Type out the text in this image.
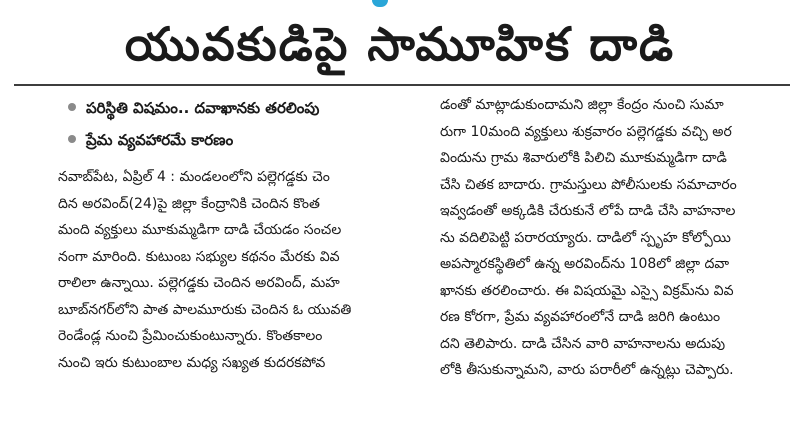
యువకుడిపై సామూహిక దాడి
పరిస్థితి విషమం.. దవాఖానకు తరలింపు
ప్రేమ వ్యవహారమే కారణం
నవాబ్‌పేట, ఏప్రిల్ 4 : మండలంలోని పల్లెగడ్డకు చెం
దిన అరవింద్(24)పై జిల్లా కేంద్రానికి చెందిన కొంత
మంది వ్యక్తులు మూకుమ్మడిగా దాడి చేయడం సంచల
నంగా మారింది. కుటుంబ సభ్యుల కథనం మేరకు వివ
రాలిలా ఉన్నాయి. పల్లెగడ్డకు చెందిన అరవింద్, మహ
బూబ్‌నగర్‌లోని పాత పాలమూరుకు చెందిన ఓ యువతి
రెండేండ్ల నుంచి ప్రేమించుకుంటున్నారు. కొంతకాలం
నుంచి ఇరు కుటుంబాల మధ్య సఖ్యత కుదరకపోవ
డంతో మాట్లాడుకుందామని జిల్లా కేంద్రం నుంచి సుమా
రుగా 10మంది వ్యక్తులు శుక్రవారం పల్లెగడ్డకు వచ్చి అర
విందును గ్రామ శివారులోకి పిలిచి మూకుమ్మడిగా దాడి
చేసి చితక బాదారు. గ్రామస్తులు పోలీసులకు సమాచారం
ఇవ్వడంతో అక్కడికి చేరుకునే లోపే దాడి చేసి వాహనాల
ను వదిలిపెట్టి పరారయ్యారు. దాడిలో స్పృహ కోల్పోయి
అపస్మారకస్థితిలో ఉన్న అరవింద్‌ను 108లో జిల్లా దవా
ఖానకు తరలించారు. ఈ విషయమై ఎస్సై విక్రమ్‌ను వివ
రణ కోరగా, ప్రేమ వ్యవహారంలోనే దాడి జరిగి ఉంటుం
దని తెలిపారు. దాడి చేసిన వారి వాహనాలను అదుపు
లోకి తీసుకున్నామని, వారు పరారీలో ఉన్నట్లు చెప్పారు.
